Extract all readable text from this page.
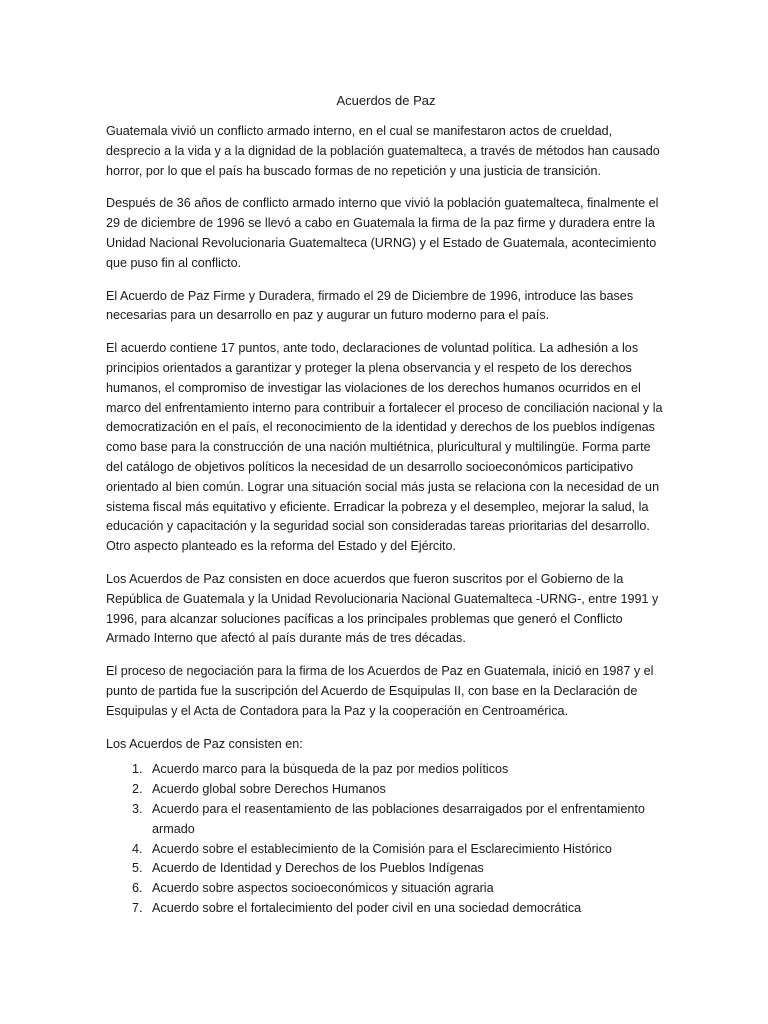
Acuerdos de Paz

Guatemala vivió un conflicto armado interno, en el cual se manifestaron actos de crueldad, desprecio a la vida y a la dignidad de la población guatemalteca, a través de métodos han causado horror, por lo que el país ha buscado formas de no repetición y una justicia de transición.

Después de 36 años de conflicto armado interno que vivió la población guatemalteca, finalmente el 29 de diciembre de 1996 se llevó a cabo en Guatemala la firma de la paz firme y duradera entre la Unidad Nacional Revolucionaria Guatemalteca (URNG) y el Estado de Guatemala, acontecimiento que puso fin al conflicto.

El Acuerdo de Paz Firme y Duradera, firmado el 29 de Diciembre de 1996, introduce las bases necesarias para un desarrollo en paz y augurar un futuro moderno para el país.

El acuerdo contiene 17 puntos, ante todo, declaraciones de voluntad política. La adhesión a los principios orientados a garantizar y proteger la plena observancia y el respeto de los derechos humanos, el compromiso de investigar las violaciones de los derechos humanos ocurridos en el marco del enfrentamiento interno para contribuir a fortalecer el proceso de conciliación nacional y la democratización en el país, el reconocimiento de la identidad y derechos de los pueblos indígenas como base para la construcción de una nación multiétnica, pluricultural y multilingüe. Forma parte del catálogo de objetivos políticos la necesidad de un desarrollo socioeconómicos participativo orientado al bien común. Lograr una situación social más justa se relaciona con la necesidad de un sistema fiscal más equitativo y eficiente. Erradicar la pobreza y el desempleo, mejorar la salud, la educación y capacitación y la seguridad social son consideradas tareas prioritarias del desarrollo. Otro aspecto planteado es la reforma del Estado y del Ejército.

Los Acuerdos de Paz consisten en doce acuerdos que fueron suscritos por el Gobierno de la República de Guatemala y la Unidad Revolucionaria Nacional Guatemalteca -URNG-, entre 1991 y 1996, para alcanzar soluciones pacíficas a los principales problemas que generó el Conflicto Armado Interno que afectó al país durante más de tres décadas.

El proceso de negociación para la firma de los Acuerdos de Paz en Guatemala, inició en 1987 y el punto de partida fue la suscripción del Acuerdo de Esquipulas II, con base en la Declaración de Esquipulas y el Acta de Contadora para la Paz y la cooperación en Centroamérica.

Los Acuerdos de Paz consisten en:

1. Acuerdo marco para la búsqueda de la paz por medios políticos
2. Acuerdo global sobre Derechos Humanos
3. Acuerdo para el reasentamiento de las poblaciones desarraigados por el enfrentamiento armado
4. Acuerdo sobre el establecimiento de la Comisión para el Esclarecimiento Histórico
5. Acuerdo de Identidad y Derechos de los Pueblos Indígenas
6. Acuerdo sobre aspectos socioeconómicos y situación agraria
7. Acuerdo sobre el fortalecimiento del poder civil en una sociedad democrática
